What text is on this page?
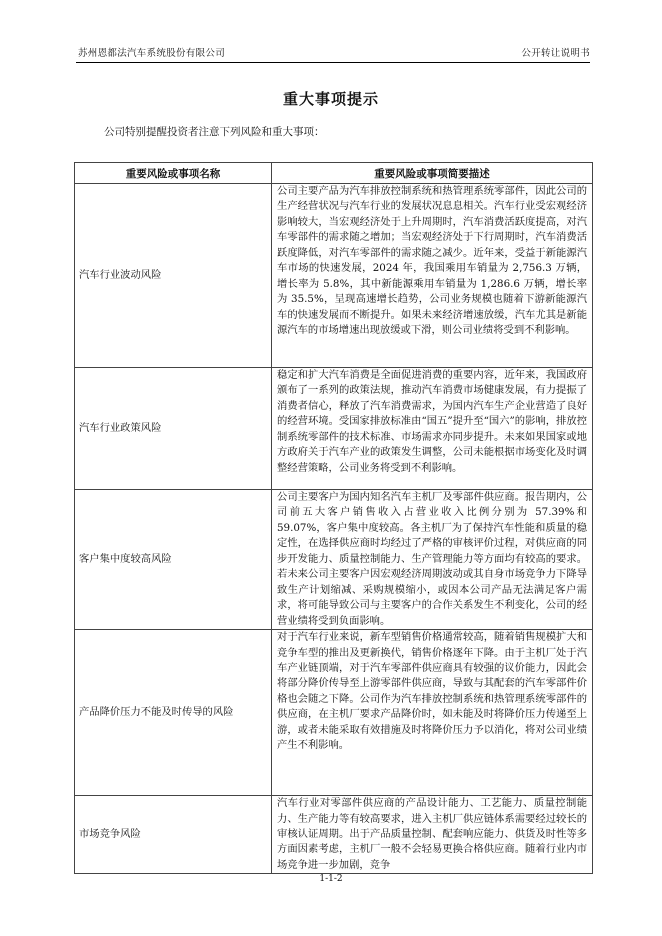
苏州恩都法汽车系统股份有限公司	公开转让说明书
重大事项提示
公司特别提醒投资者注意下列风险和重大事项：
重要风险或事项名称	重要风险或事项简要描述
汽车行业波动风险	公司主要产品为汽车排放控制系统和热管理系统零部件，因此公司的生产经营状况与汽车行业的发展状况息息相关。汽车行业受宏观经济影响较大，当宏观经济处于上升周期时，汽车消费活跃度提高，对汽车零部件的需求随之增加；当宏观经济处于下行周期时，汽车消费活跃度降低，对汽车零部件的需求随之减少。近年来，受益于新能源汽车市场的快速发展，2024 年，我国乘用车销量为 2,756.3 万辆，增长率为 5.8%，其中新能源乘用车销量为 1,286.6 万辆，增长率为 35.5%，呈现高速增长趋势，公司业务规模也随着下游新能源汽车的快速发展而不断提升。如果未来经济增速放缓，汽车尤其是新能源汽车的市场增速出现放缓或下滑，则公司业绩将受到不利影响。
汽车行业政策风险	稳定和扩大汽车消费是全面促进消费的重要内容，近年来，我国政府颁布了一系列的政策法规，推动汽车消费市场健康发展，有力提振了消费者信心，释放了汽车消费需求，为国内汽车生产企业营造了良好的经营环境。受国家排放标准由“国五”提升至“国六”的影响，排放控制系统零部件的技术标准、市场需求亦同步提升。未来如果国家或地方政府关于汽车产业的政策发生调整，公司未能根据市场变化及时调整经营策略，公司业务将受到不利影响。
客户集中度较高风险	公司主要客户为国内知名汽车主机厂及零部件供应商。报告期内，公司前五大客户销售收入占营业收入比例分别为 57.39%和 59.07%，客户集中度较高。各主机厂为了保持汽车性能和质量的稳定性，在选择供应商时均经过了严格的审核评价过程，对供应商的同步开发能力、质量控制能力、生产管理能力等方面均有较高的要求。若未来公司主要客户因宏观经济周期波动或其自身市场竞争力下降导致生产计划缩减、采购规模缩小，或因本公司产品无法满足客户需求，将可能导致公司与主要客户的合作关系发生不利变化，公司的经营业绩将受到负面影响。
产品降价压力不能及时传导的风险	对于汽车行业来说，新车型销售价格通常较高，随着销售规模扩大和竞争车型的推出及更新换代，销售价格逐年下降。由于主机厂处于汽车产业链顶端，对于汽车零部件供应商具有较强的议价能力，因此会将部分降价传导至上游零部件供应商，导致与其配套的汽车零部件价格也会随之下降。公司作为汽车排放控制系统和热管理系统零部件的供应商，在主机厂要求产品降价时，如未能及时将降价压力传递至上游，或者未能采取有效措施及时将降价压力予以消化，将对公司业绩产生不利影响。
市场竞争风险	汽车行业对零部件供应商的产品设计能力、工艺能力、质量控制能力、生产能力等有较高要求，进入主机厂供应链体系需要经过较长的审核认证周期。出于产品质量控制、配套响应能力、供货及时性等多方面因素考虑，主机厂一般不会轻易更换合格供应商。随着行业内市场竞争进一步加剧，竞争
1-1-2
